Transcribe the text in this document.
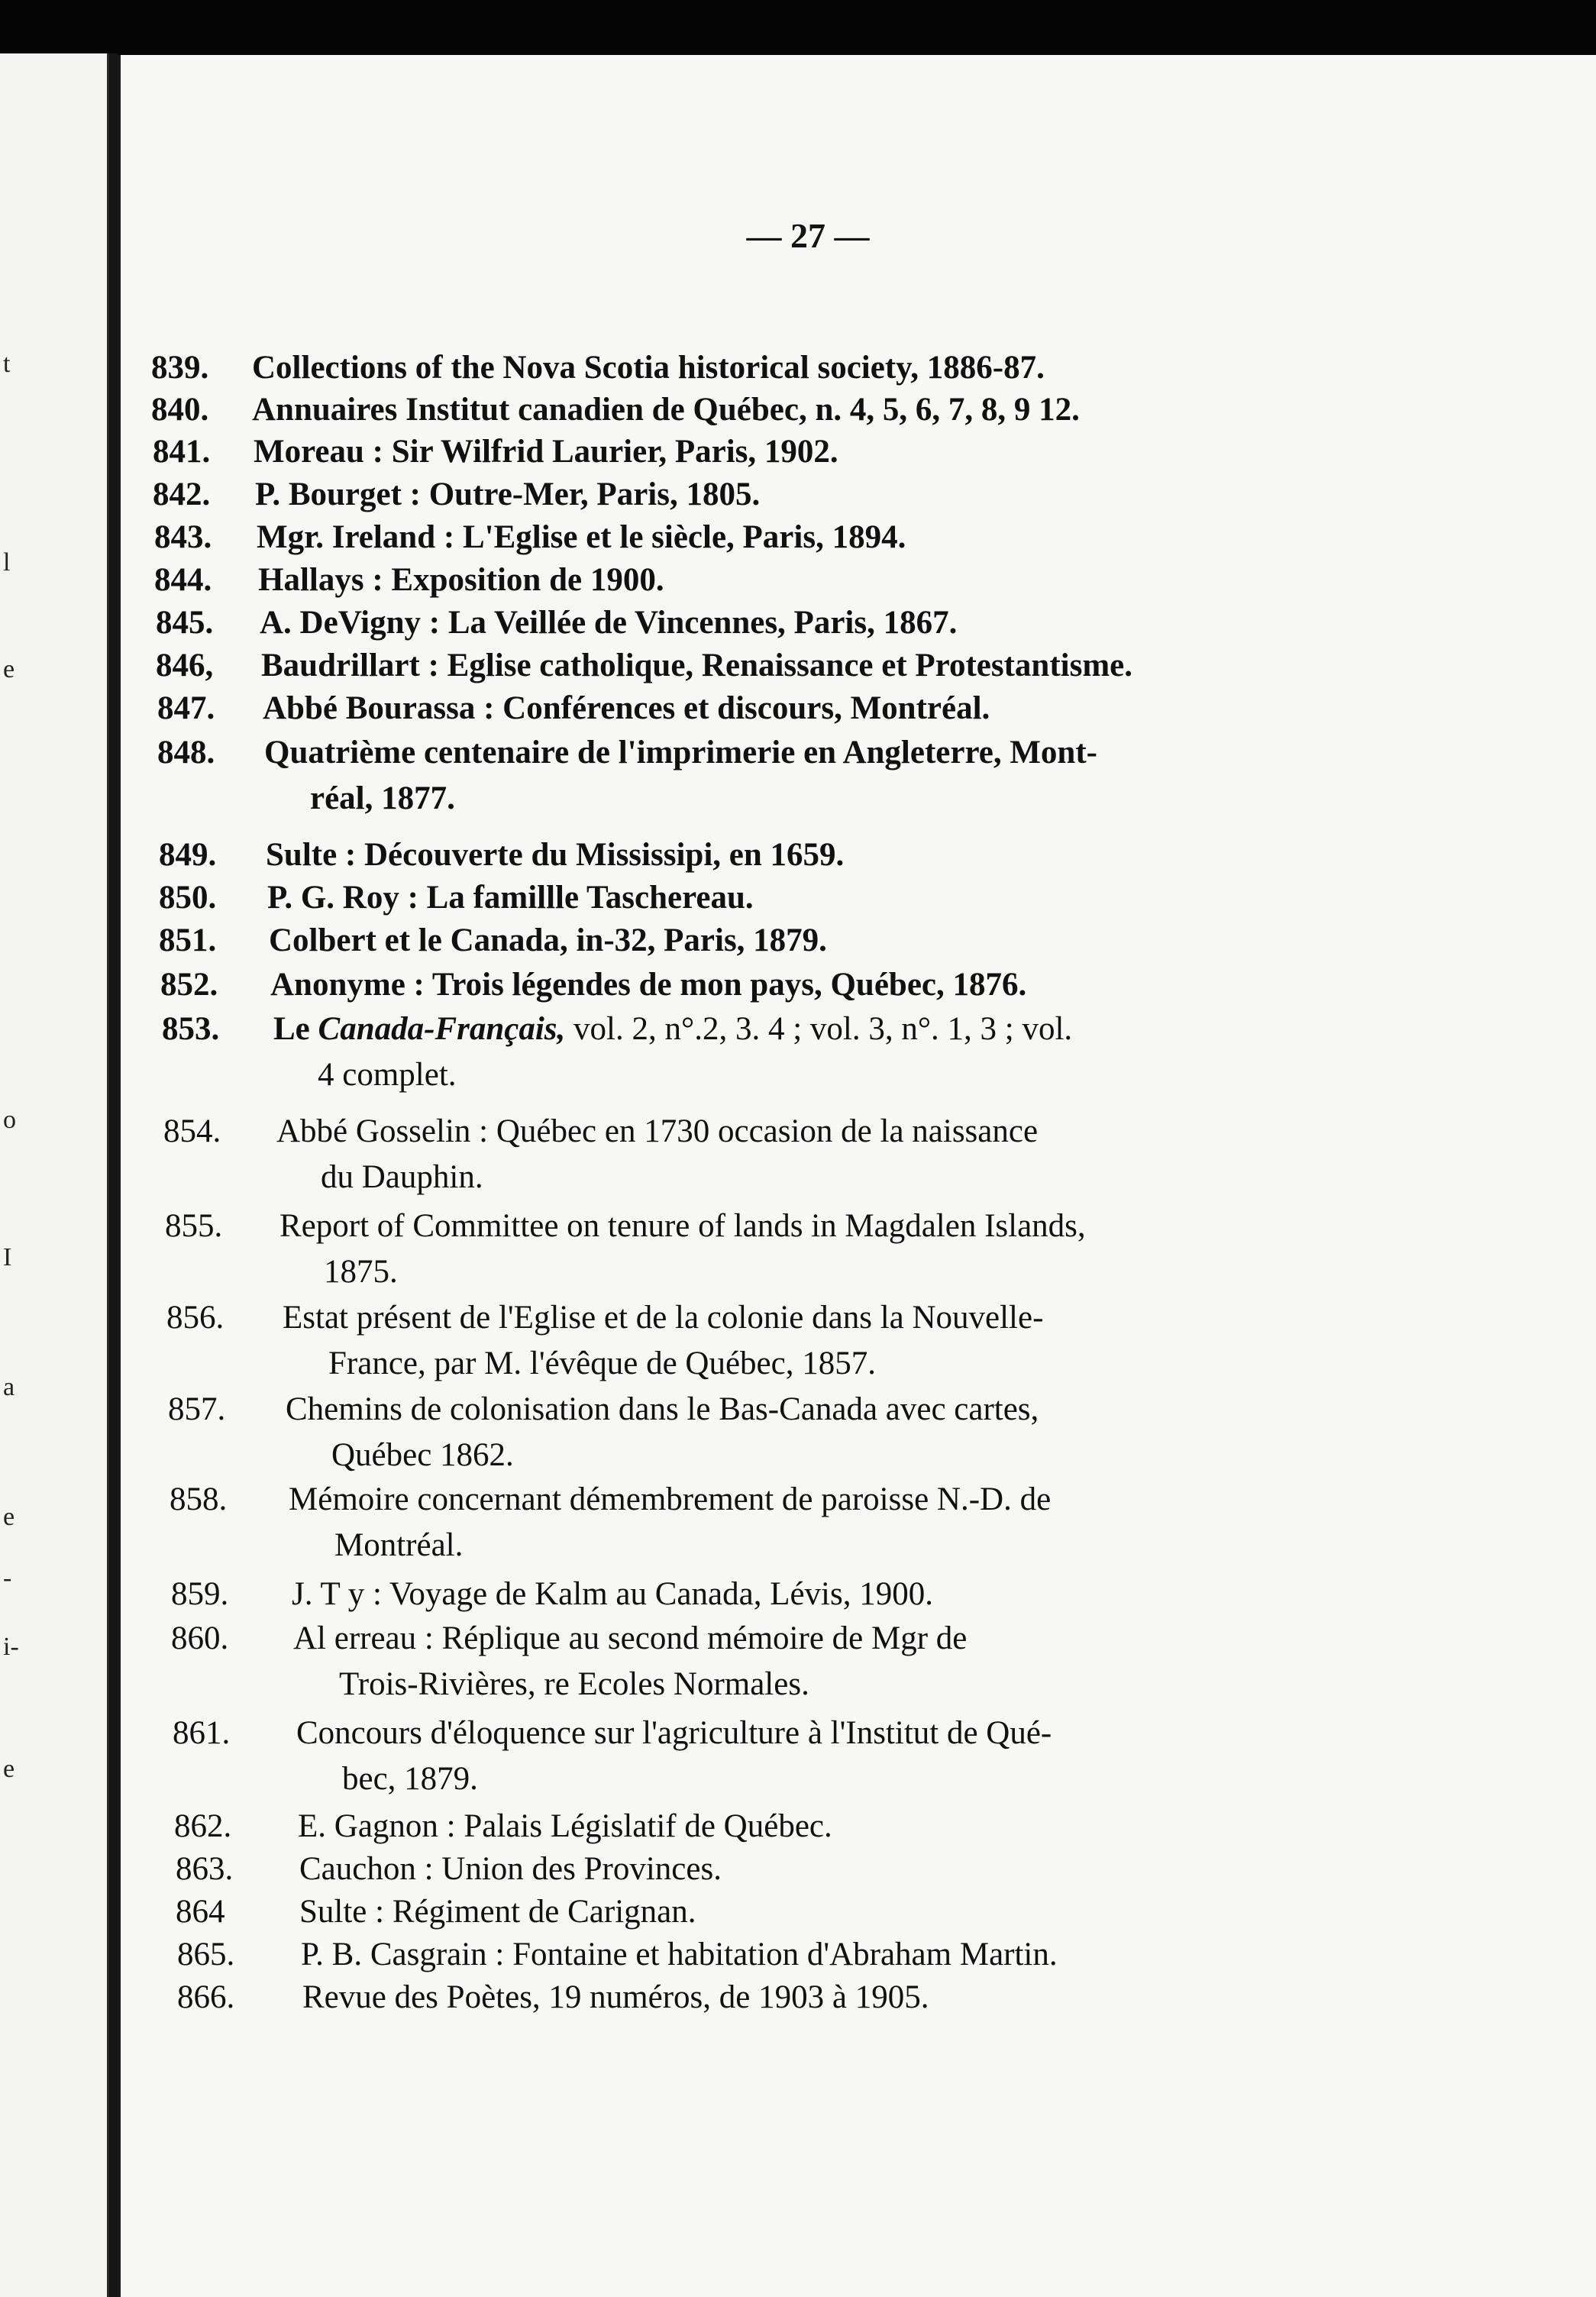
t
l
e
o
I
a
e
-
i-
e
— 27 —
839.	Collections of the Nova Scotia historical society, 1886-87.
840.	Annuaires Institut canadien de Québec, n. 4, 5, 6, 7, 8, 9 12.
841.	Moreau : Sir Wilfrid Laurier, Paris, 1902.
842.	P. Bourget : Outre-Mer, Paris, 1805.
843.	Mgr. Ireland : L'Eglise et le siècle, Paris, 1894.
844.	Hallays : Exposition de 1900.
845.	A. DeVigny : La Veillée de Vincennes, Paris, 1867.
846,	Baudrillart : Eglise catholique, Renaissance et Protestantisme.
847.	Abbé Bourassa : Conférences et discours, Montréal.
848.	Quatrième centenaire de l'imprimerie en Angleterre, Mont-
réal, 1877.
849.	Sulte : Découverte du Mississipi, en 1659.
850.	P. G. Roy : La famillle Taschereau.
851.	Colbert et le Canada, in-32, Paris, 1879.
852.	Anonyme : Trois légendes de mon pays, Québec, 1876.
853.	Le Canada-Français, vol. 2, n°.2, 3. 4 ; vol. 3, n°. 1, 3 ; vol.
4 complet.
854.	Abbé Gosselin : Québec en 1730 occasion de la naissance
du Dauphin.
855.	Report of Committee on tenure of lands in Magdalen Islands,
1875.
856.	Estat présent de l'Eglise et de la colonie dans la Nouvelle-
France, par M. l'évêque de Québec, 1857.
857.	Chemins de colonisation dans le Bas-Canada avec cartes,
Québec 1862.
858.	Mémoire concernant démembrement de paroisse N.-D. de
Montréal.
859.	J. T y : Voyage de Kalm au Canada, Lévis, 1900.
860.	Al erreau : Réplique au second mémoire de Mgr de
Trois-Rivières, re Ecoles Normales.
861.	Concours d'éloquence sur l'agriculture à l'Institut de Qué-
bec, 1879.
862.	E. Gagnon : Palais Législatif de Québec.
863.	Cauchon : Union des Provinces.
864	Sulte : Régiment de Carignan.
865.	P. B. Casgrain : Fontaine et habitation d'Abraham Martin.
866.	Revue des Poètes, 19 numéros, de 1903 à 1905.
